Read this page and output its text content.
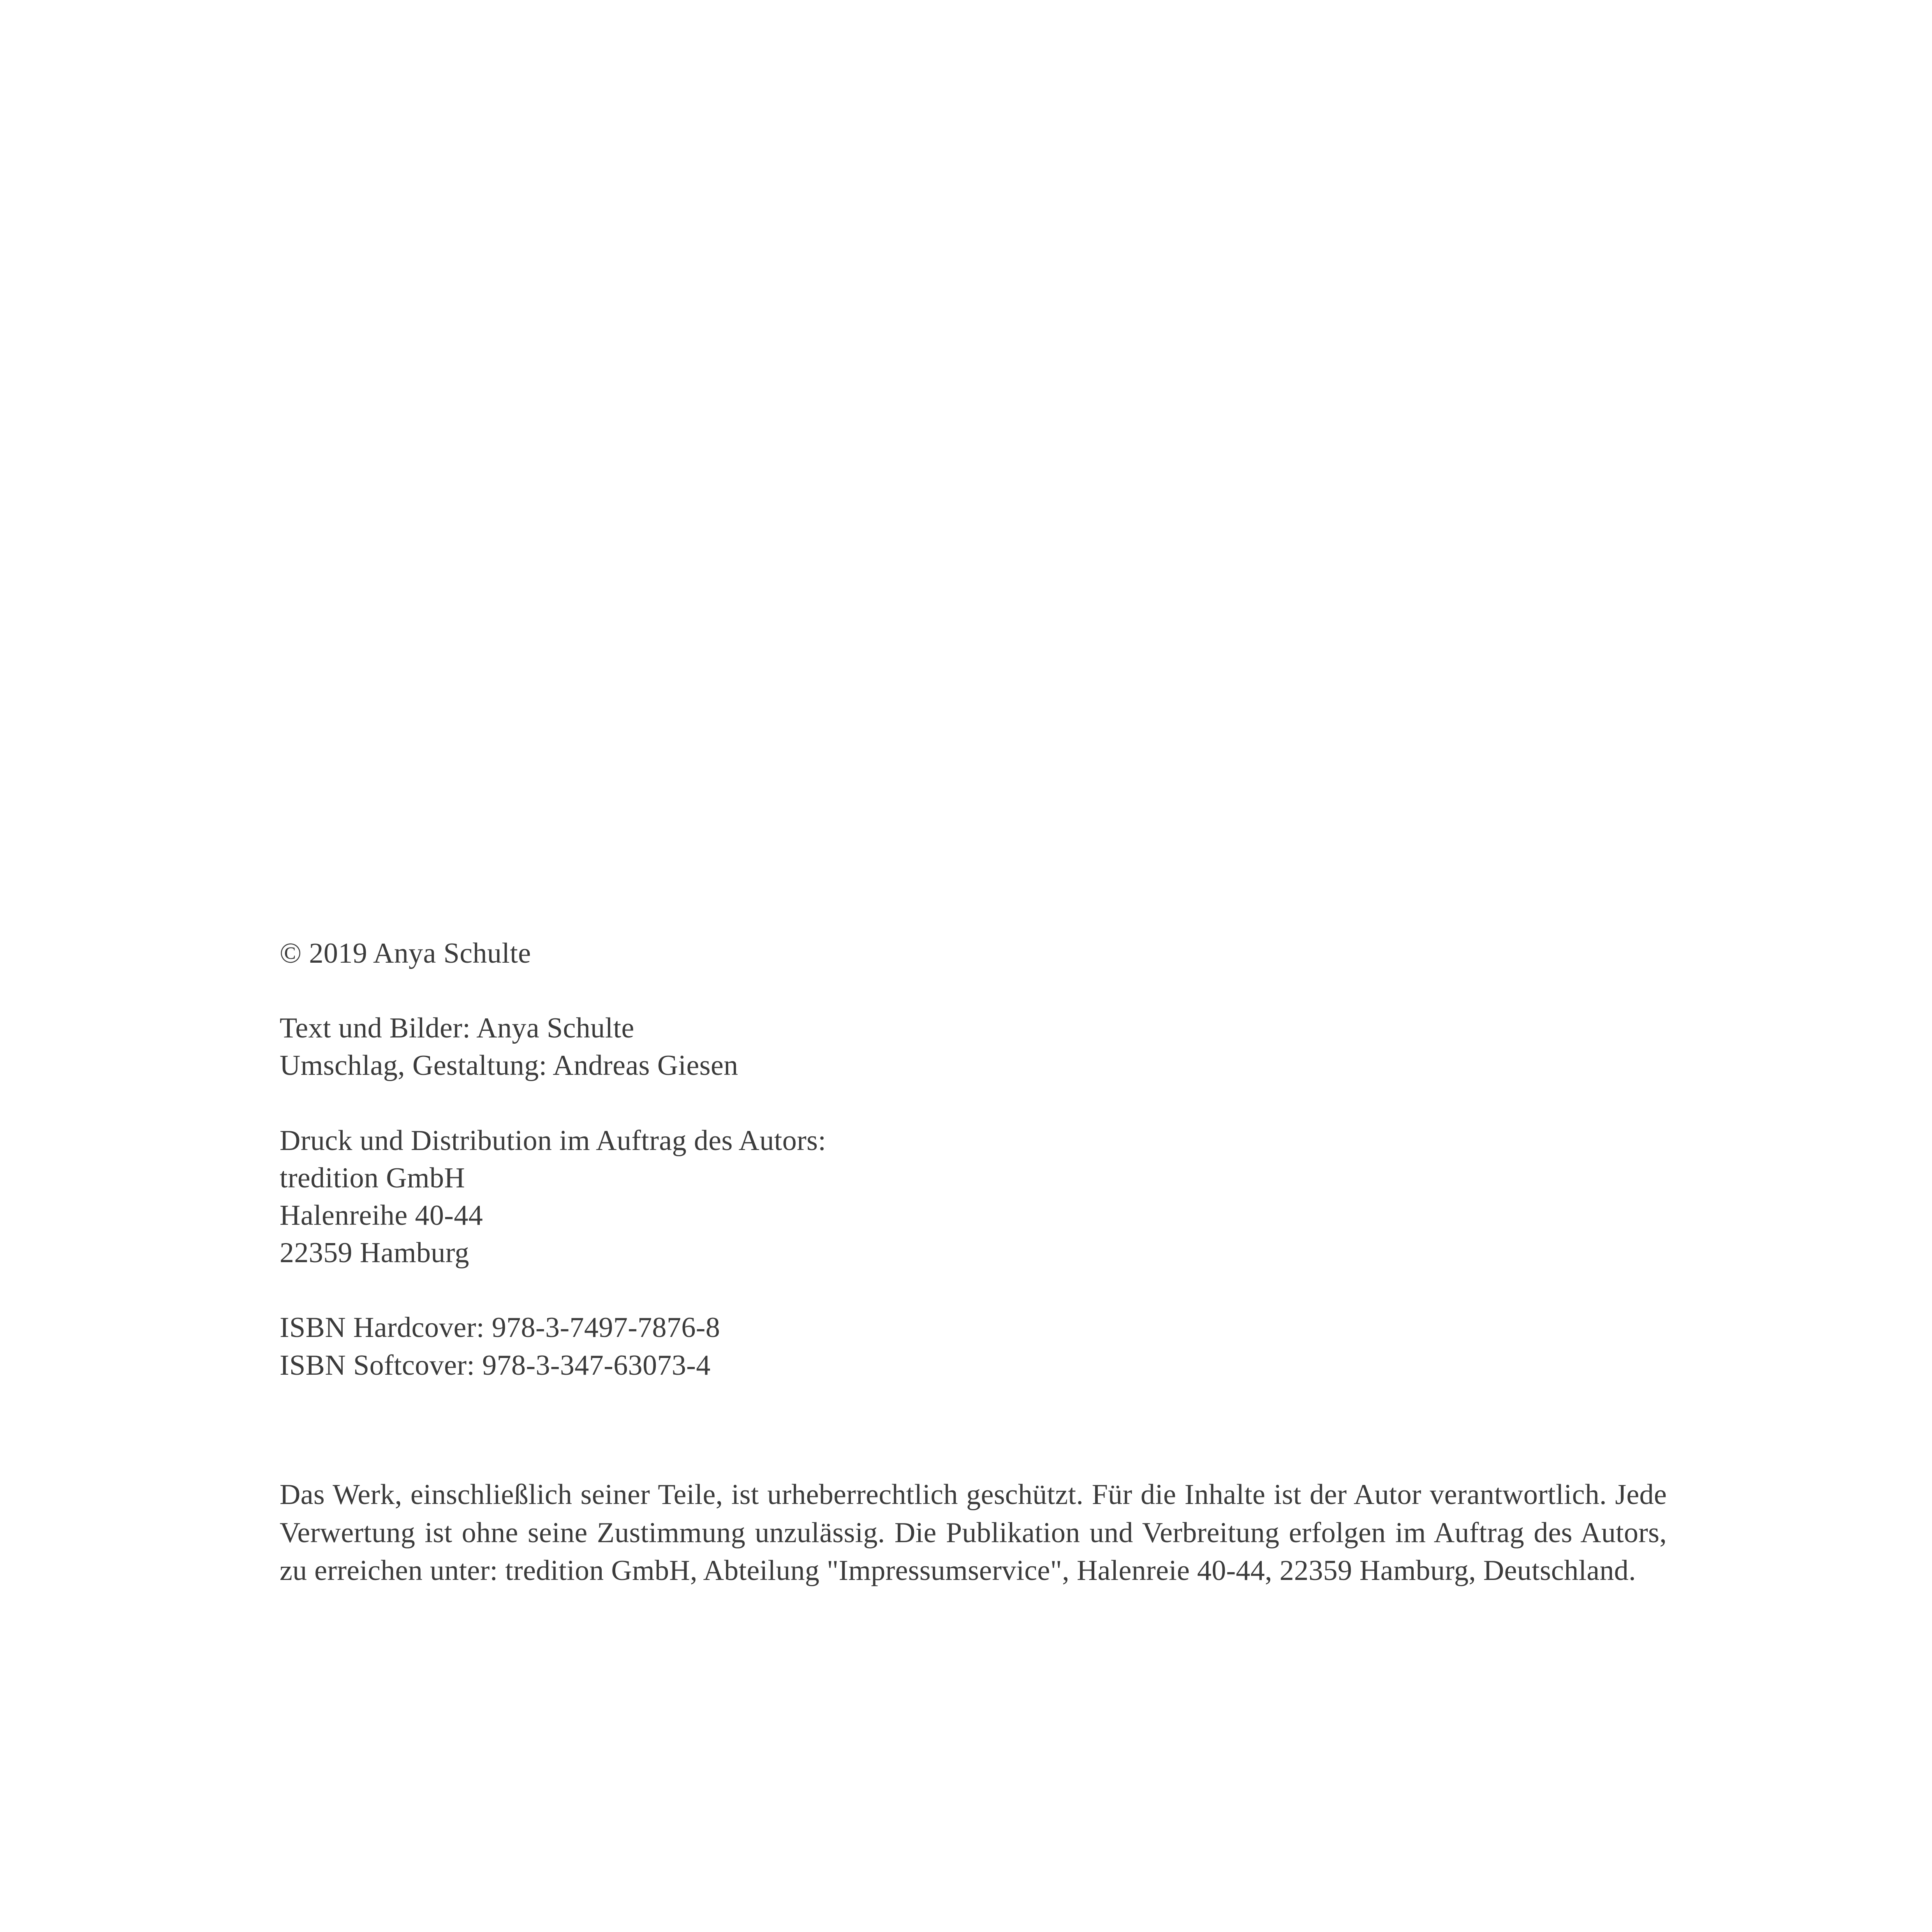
© 2019 Anya Schulte
Text und Bilder: Anya Schulte
Umschlag, Gestaltung: Andreas Giesen
Druck und Distribution im Auftrag des Autors:
tredition GmbH
Halenreihe 40-44
22359 Hamburg
ISBN Hardcover: 978-3-7497-7876-8
ISBN Softcover: 978-3-347-63073-4

Das Werk, einschließlich seiner Teile, ist urheberrechtlich geschützt. Für die Inhalte ist der Autor verantwortlich. Jede Verwertung ist ohne seine Zustimmung unzulässig. Die Publikation und Verbreitung erfolgen im Auftrag des Autors, zu erreichen unter: tredition GmbH, Abteilung "Impressumservice", Halenreie 40-44, 22359 Hamburg, Deutschland.
